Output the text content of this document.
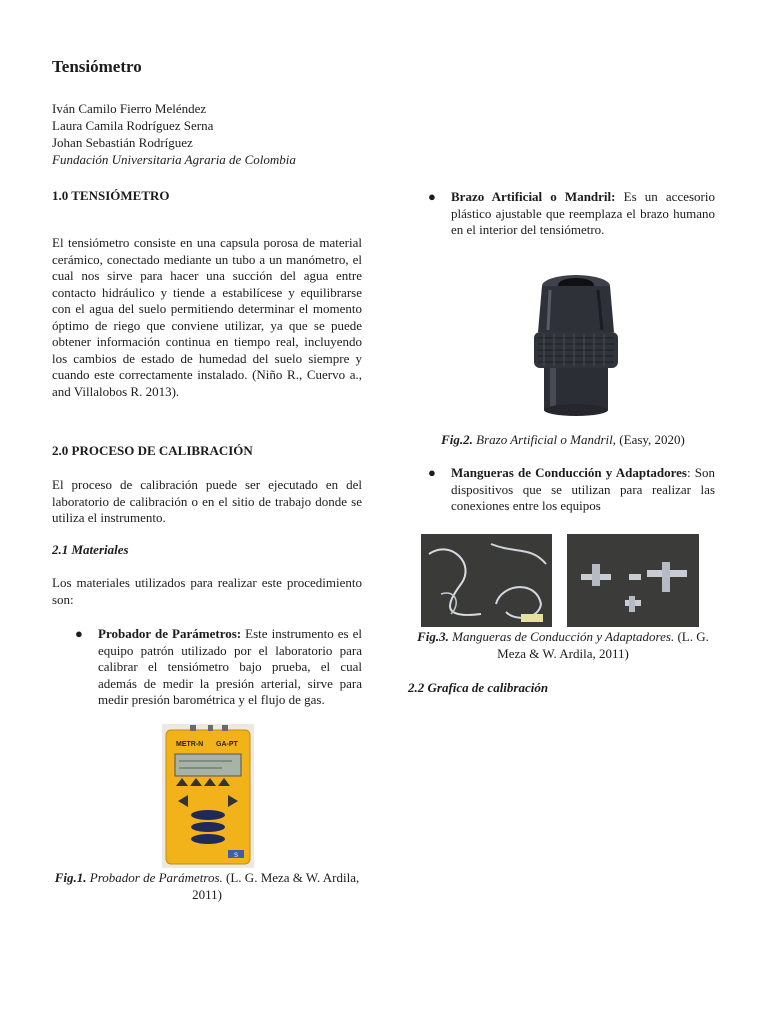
Tensiómetro
Iván Camilo Fierro Meléndez
Laura Camila Rodríguez Serna
Johan Sebastián Rodríguez
Fundación Universitaria Agraria de Colombia
1.0 TENSIÓMETRO
El tensiómetro consiste en una capsula porosa de material cerámico, conectado mediante un tubo a un manómetro, el cual nos sirve para hacer una succión del agua entre contacto hidráulico y tiende a estabilícese y equilibrarse con el agua del suelo permitiendo determinar el momento óptimo de riego que conviene utilizar, ya que se puede obtener información continua en tiempo real, incluyendo los cambios de estado de humedad del suelo siempre y cuando este correctamente instalado. (Niño R., Cuervo a., and Villalobos R. 2013).
2.0 PROCESO DE CALIBRACIÓN
El proceso de calibración puede ser ejecutado en del laboratorio de calibración o en el sitio de trabajo donde se utiliza el instrumento.
2.1 Materiales
Los materiales utilizados para realizar este procedimiento son:
● Probador de Parámetros: Este instrumento es el equipo patrón utilizado por el laboratorio para calibrar el tensiómetro bajo prueba, el cual además de medir la presión arterial, sirve para medir presión barométrica y el flujo de gas.
METR-N GA-PT
S
Fig.1. Probador de Parámetros. (L. G. Meza & W. Ardila, 2011)
● Brazo Artificial o Mandril: Es un accesorio plástico ajustable que reemplaza el brazo humano en el interior del tensiómetro.
Fig.2. Brazo Artificial o Mandril, (Easy, 2020)
● Mangueras de Conducción y Adaptadores: Son dispositivos que se utilizan para realizar las conexiones entre los equipos
Fig.3. Mangueras de Conducción y Adaptadores. (L. G. Meza & W. Ardila, 2011)
2.2 Grafica de calibración
